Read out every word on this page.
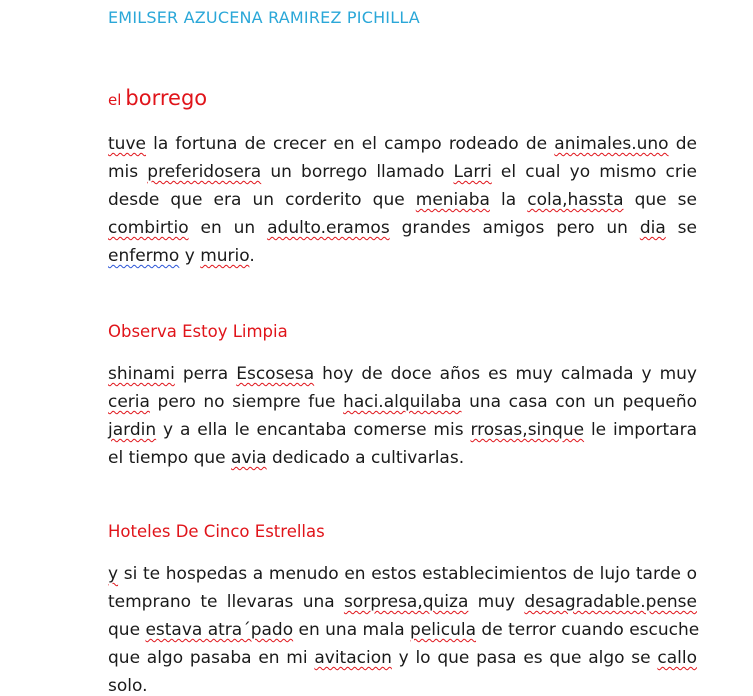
EMILSER AZUCENA RAMIREZ PICHILLA
el borrego
tuve la fortuna de crecer en el campo rodeado de animales.uno de
mis preferidosera un borrego llamado Larri el cual yo mismo crie
desde que era un corderito que meniaba la cola,hassta que se
combirtio en un adulto.eramos grandes amigos pero un dia se
enfermo y murio.
Observa Estoy Limpia
shinami perra Escosesa hoy de doce años es muy calmada y muy
ceria pero no siempre fue haci.alquilaba una casa con un pequeño
jardin y a ella le encantaba comerse mis rrosas,sinque le importara
el tiempo que avia dedicado a cultivarlas.
Hoteles De Cinco Estrellas
y si te hospedas a menudo en estos establecimientos de lujo tarde o
temprano te llevaras una sorpresa,quiza muy desagradable.pense
que estava atra´pado en una mala pelicula de terror cuando escuche
que algo pasaba en mi avitacion y lo que pasa es que algo se callo
solo.
